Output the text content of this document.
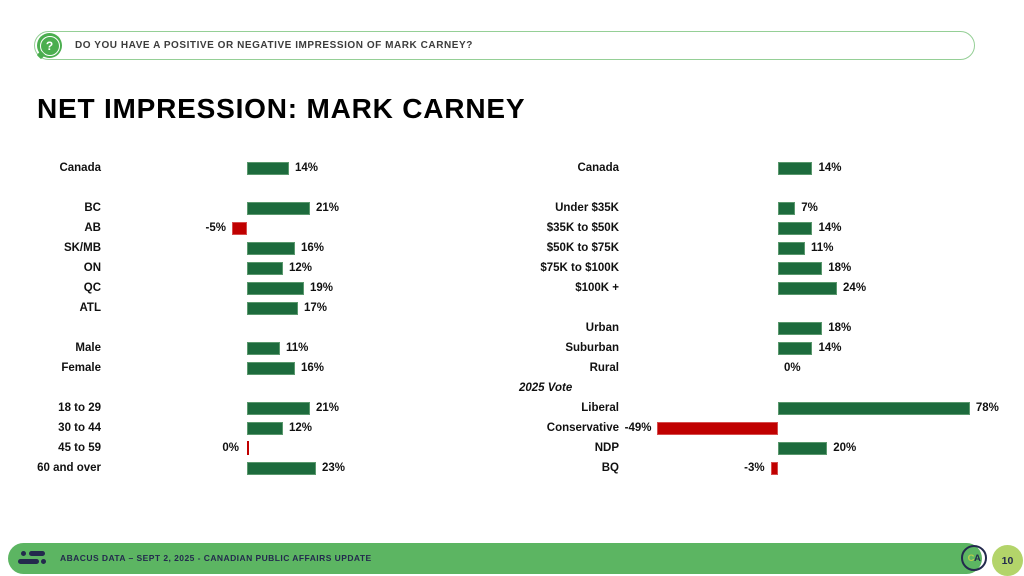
? DO YOU HAVE A POSITIVE OR NEGATIVE IMPRESSION OF MARK CARNEY?
NET IMPRESSION: MARK CARNEY
Canada	14%
BC	21%
AB	-5%
SK/MB	16%
ON	12%
QC	19%
ATL	17%
Male	11%
Female	16%
18 to 29	21%
30 to 44	12%
45 to 59	0%
60 and over	23%
Canada	14%
Under $35K	7%
$35K to $50K	14%
$50K to $75K	11%
$75K to $100K	18%
$100K +	24%
Urban	18%
Suburban	14%
Rural	0%
2025 Vote
Liberal	78%
Conservative -49%
NDP	20%
BQ	-3%
ABACUS DATA – SEPT 2, 2025 - CANADIAN PUBLIC AFFAIRS UPDATE	C A	10
